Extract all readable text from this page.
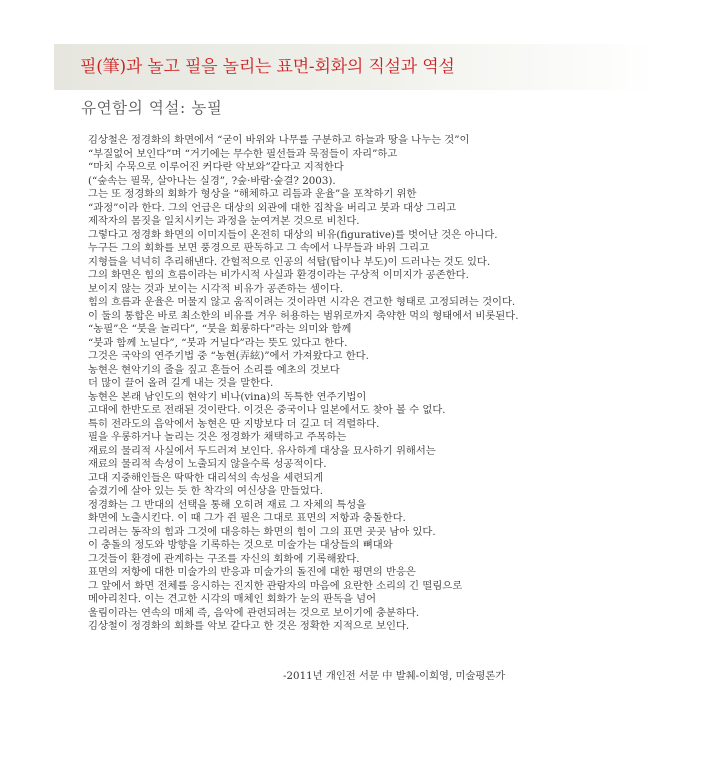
필(筆)과 놀고 필을 놀리는 표면-회화의 직설과 역설
유연함의 역설: 농필
김상철은 정경화의 화면에서 “굳이 바위와 나무를 구분하고 하늘과 땅을 나누는 것”이
“부질없어 보인다”며 “거기에는 무수한 필선들과 묵점들이 자리”하고
“마치 수묵으로 이루어진 커다란 악보와”같다고 지적한다
(“숲속는 필묵, 살아나는 실경”, ?숲·바람·숲결? 2003).
그는 또 정경화의 회화가 형상을 “해체하고 리듬과 운율”을 포착하기 위한
“과정”이라 한다. 그의 언급은 대상의 외관에 대한 집착을 버리고 붓과 대상 그리고
제작자의 몸짓을 일치시키는 과정을 눈여겨본 것으로 비친다.
그렇다고 정경화 화면의 이미지들이 온전히 대상의 비유(figurative)를 벗어난 것은 아니다.
누구든 그의 회화를 보면 풍경으로 판독하고 그 속에서 나무들과 바위 그리고
지형들을 넉넉히 추리해낸다. 간헐적으로 인공의 석탑(탑이나 부도)이 드러나는 것도 있다.
그의 화면은 힘의 흐름이라는 비가시적 사실과 환경이라는 구상적 이미지가 공존한다.
보이지 않는 것과 보이는 시각적 비유가 공존하는 셈이다.
힘의 흐름과 운율은 머물지 않고 움직이려는 것이라면 시각은 견고한 형태로 고정되려는 것이다.
이 둘의 통합은 바로 최소한의 비유를 겨우 허용하는 범위로까지 축약한 먹의 형태에서 비롯된다.
“농필”은 “붓을 놀리다”, “붓을 희롱하다”라는 의미와 함께
“붓과 함께 노닐다”, “붓과 거닐다”라는 뜻도 있다고 한다.
그것은 국악의 연주기법 중 “농현(弄絃)”에서 가져왔다고 한다.
농현은 현악기의 줄을 짚고 흔들어 소리를 예초의 것보다
더 많이 끌어 올려 길게 내는 것을 말한다.
농현은 본래 남인도의 현악기 비나(vina)의 독특한 연주기법이
고대에 한반도로 전래된 것이란다. 이것은 중국이나 일본에서도 찾아 볼 수 없다.
특히 전라도의 음악에서 농현은 딴 지방보다 더 길고 더 격렬하다.
필을 우롱하거나 놀리는 것은 정경화가 채택하고 주목하는
재료의 물리적 사실에서 두드러져 보인다. 유사하게 대상을 묘사하기 위해서는
재료의 물리적 속성이 노출되지 않을수록 성공적이다.
고대 지중해인들은 딱딱한 대리석의 속성을 세련되게
숨겼기에 살아 있는 듯 한 착각의 여신상을 만들었다.
정경화는 그 반대의 선택을 통해 오히려 재료 그 자체의 특성을
화면에 노출시킨다. 이 때 그가 쥔 필은 그대로 표면의 저항과 충돌한다.
그리려는 동작의 힘과 그것에 대응하는 화면의 힘이 그의 표면 곳곳 남아 있다.
이 충돌의 정도와 방향을 기록하는 것으로 미술가는 대상들의 뼈대와
그것들이 환경에 관계하는 구조를 자신의 회화에 기록해왔다.
표면의 저항에 대한 미술가의 반응과 미술가의 돌진에 대한 평면의 반응은
그 앞에서 화면 전체를 응시하는 진지한 관람자의 마음에 요란한 소리의 긴 떨림으로
메아리친다. 이는 견고한 시각의 매체인 회화가 눈의 판독을 넘어
울림이라는 연속의 매체 즉, 음악에 관련되려는 것으로 보이기에 충분하다.
김상철이 정경화의 회화를 악보 같다고 한 것은 정확한 지적으로 보인다.
-2011년 개인전 서문 中 발췌-이희영, 미술평론가
